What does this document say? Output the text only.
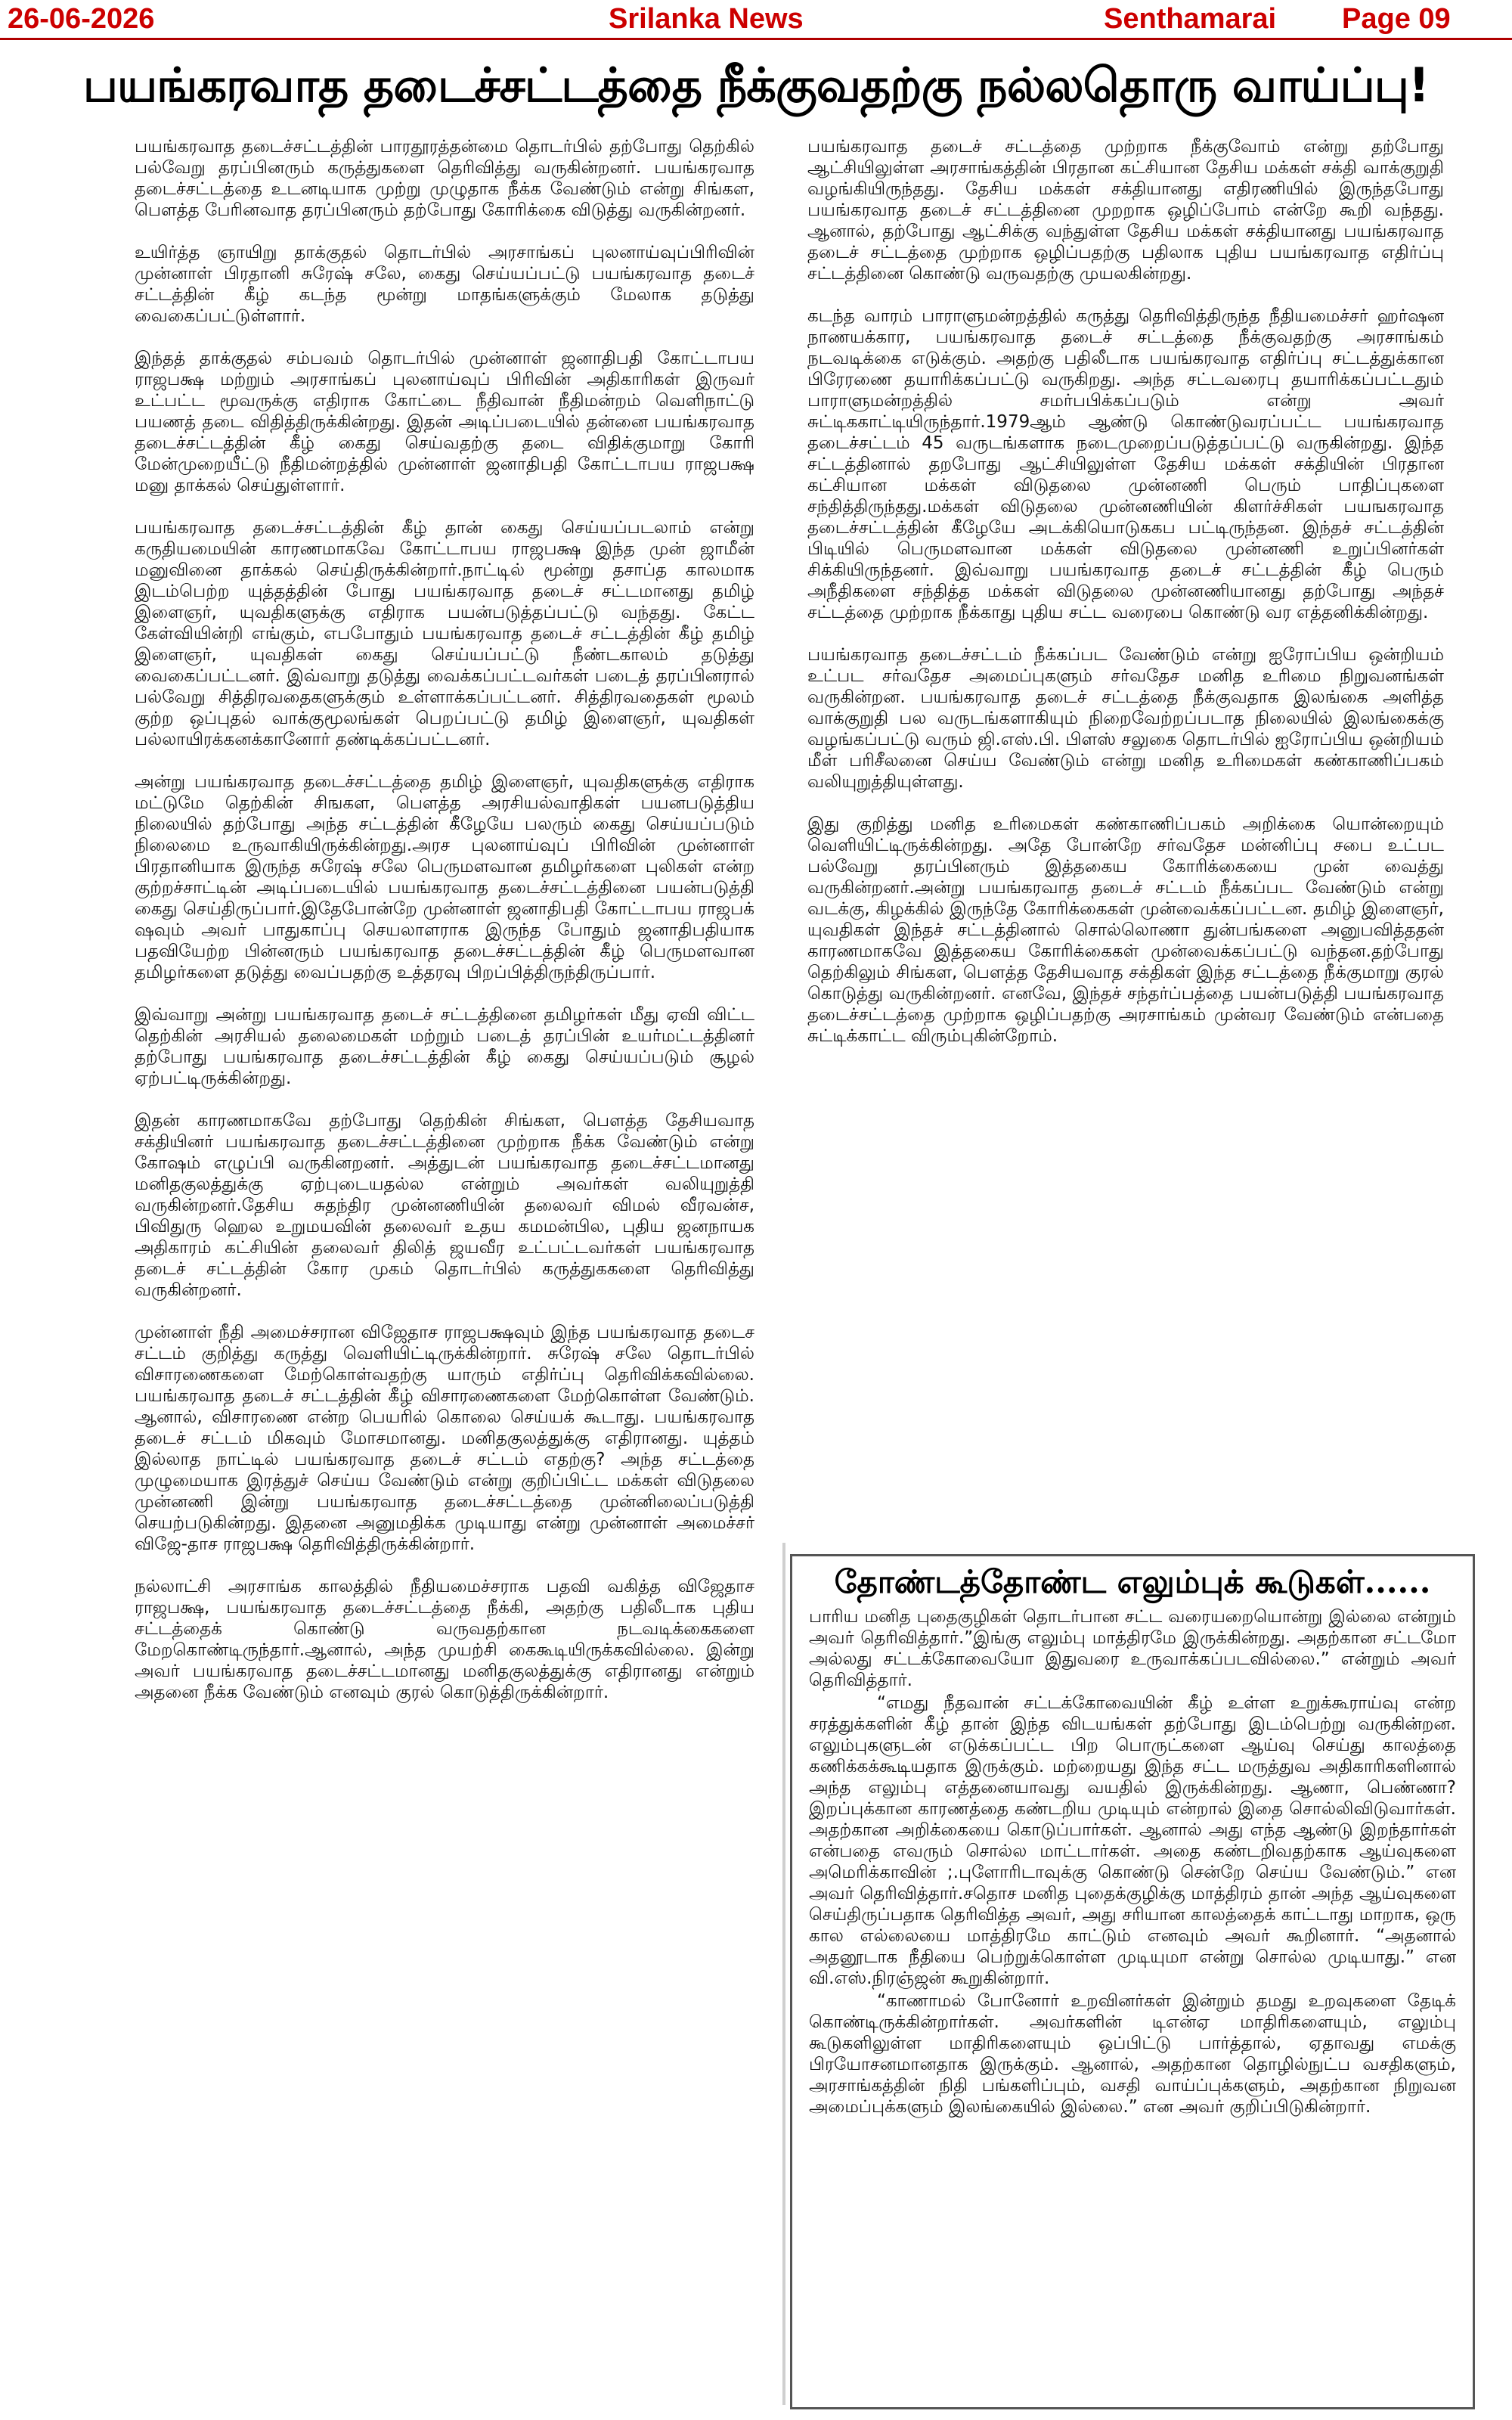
26-06-2026	Srilanka News	Senthamarai Page 09
பயங்கரவாத தடைச்சட்டத்தை நீக்குவதற்கு நல்லதொரு வாய்ப்பு!

பயங்கரவாத தடைச்சட்டத்தின் பாரதூரத்தன்மை தொடர்பில் தற்போது தெற்கில் பல்வேறு தரப்பினரும் கருத்துகளை தெரிவித்து வருகின்றனர். பயங்கரவாத தடைச்சட்டத்தை உடனடியாக முற்று முழுதாக நீக்க வேண்டும் என்று சிங்கள, பௌத்த பேரினவாத தரப்பினரும் தற்போது கோரிக்கை விடுத்து வருகின்றனர்.

உயிர்த்த ஞாயிறு தாக்குதல் தொடர்பில் அரசாங்கப் புலனாய்வுப்பிரிவின் முன்னாள் பிரதானி சுரேஷ் சலே, கைது செய்யப்பட்டு பயங்கரவாத தடைச் சட்டத்தின் கீழ் கடந்த மூன்று மாதங்களுக்கும் மேலாக தடுத்து வைகைப்பட்டுள்ளார்.

இந்தத் தாக்குதல் சம்பவம் தொடர்பில் முன்னாள் ஜனாதிபதி கோட்டாபய ராஜபக்ஷ மற்றும் அரசாங்கப் புலனாய்வுப் பிரிவின் அதிகாரிகள் இருவர் உட்பட்ட மூவருக்கு எதிராக கோட்டை நீதிவான் நீதிமன்றம் வெளிநாட்டு பயணத் தடை விதித்திருக்கின்றது. இதன் அடிப்படையில் தன்னை பயங்கரவாத தடைச்சட்டத்தின் கீழ் கைது செய்வதற்கு தடை விதிக்குமாறு கோரி மேன்முறையீட்டு நீதிமன்றத்தில் முன்னாள் ஜனாதிபதி கோட்டாபய ராஜபக்ஷ மனு தாக்கல் செய்துள்ளார்.

பயங்கரவாத தடைச்சட்டத்தின் கீழ் தான் கைது செய்யப்படலாம் என்று கருதியமையின் காரணமாகவே கோட்டாபய ராஜபக்ஷ இந்த முன் ஜாமீன் மனுவினை தாக்கல் செய்திருக்கின்றார்.நாட்டில் மூன்று தசாப்த காலமாக இடம்பெற்ற யுத்தத்தின் போது பயங்கரவாத தடைச் சட்டமானது தமிழ் இளைஞர், யுவதிகளுக்கு எதிராக பயன்படுத்தப்பட்டு வந்தது. கேட்ட கேள்வியின்றி எங்கும், எபபோதும் பயங்கரவாத தடைச் சட்டத்தின் கீழ் தமிழ் இளைஞர், யுவதிகள் கைது செய்யப்பட்டு நீண்டகாலம் தடுத்து வைகைப்பட்டனர். இவ்வாறு தடுத்து வைக்கப்பட்டவர்கள் படைத் தரப்பினரால் பல்வேறு சித்திரவதைகளுக்கும் உள்ளாக்கப்பட்டனர். சித்திரவதைகள் மூலம் குற்ற ஒப்புதல் வாக்குமூலங்கள் பெறப்பட்டு தமிழ் இளைஞர், யுவதிகள் பல்லாயிரக்கனக்கானோர் தண்டிக்கப்பட்டனர்.

அன்று பயங்கரவாத தடைச்சட்டத்தை தமிழ் இளைஞர், யுவதிகளுக்கு எதிராக மட்டுமே தெற்கின் சிஙகள, பௌத்த அரசியல்வாதிகள் பயனபடுத்திய நிலையில் தற்போது அந்த சட்டத்தின் கீழேயே பலரும் கைது செய்யப்படும் நிலைமை உருவாகியிருக்கின்றது.அரச புலனாய்வுப் பிரிவின் முன்னாள் பிரதானியாக இருந்த சுரேஷ் சலே பெருமளவான தமிழர்களை புலிகள் என்ற குற்றச்சாட்டின் அடிப்படையில் பயங்கரவாத தடைச்சட்டத்தினை பயன்படுத்தி கைது செய்திருப்பார்.இதேபோன்றே முன்னாள் ஜனாதிபதி கோட்டாபய ராஜபக் ஷவும் அவர் பாதுகாப்பு செயலாளராக இருந்த போதும் ஜனாதிபதியாக பதவியேற்ற பின்னரும் பயங்கரவாத தடைச்சட்டத்தின் கீழ் பெருமளவான தமிழர்களை தடுத்து வைப்பதற்கு உத்தரவு பிறப்பித்திருந்திருப்பார்.

இவ்வாறு அன்று பயங்கரவாத தடைச் சட்டத்தினை தமிழர்கள் மீது ஏவி விட்ட தெற்கின் அரசியல் தலைமைகள் மற்றும் படைத் தரப்பின் உயர்மட்டத்தினர் தற்போது பயங்கரவாத தடைச்சட்டத்தின் கீழ் கைது செய்யப்படும் சூழல் ஏற்பட்டிருக்கின்றது.

இதன் காரணமாகவே தற்போது தெற்கின் சிங்கள, பௌத்த தேசியவாத சக்தியினர் பயங்கரவாத தடைச்சட்டத்தினை முற்றாக நீக்க வேண்டும் என்று கோஷம் எழுப்பி வருகினறனர். அத்துடன் பயங்கரவாத தடைச்சட்டமானது மனிதகுலத்துக்கு ஏற்புடையதல்ல என்றும் அவர்கள் வலியுறுத்தி வருகின்றனர்.தேசிய சுதந்திர முன்னணியின் தலைவர் விமல் வீரவன்ச, பிவிதுரு ஹெல உறுமயவின் தலைவர் உதய கமமன்பில, புதிய ஜனநாயக அதிகாரம் கட்சியின் தலைவர் திலித் ஜயவீர உட்பட்டவர்கள் பயங்கரவாத தடைச் சட்டத்தின் கோர முகம் தொடர்பில் கருத்துககளை தெரிவித்து வருகின்றனர்.

முன்னாள் நீதி அமைச்சரான விஜேதாச ராஜபக்ஷவும் இந்த பயங்கரவாத தடைச சட்டம் குறித்து கருத்து வெளியிட்டிருக்கின்றார். சுரேஷ் சலே தொடர்பில் விசாரணைகளை மேற்கொள்வதற்கு யாரும் எதிர்ப்பு தெரிவிக்கவில்லை. பயங்கரவாத தடைச் சட்டத்தின் கீழ் விசாரணைகளை மேற்கொள்ள வேண்டும். ஆனால், விசாரணை என்ற பெயரில் கொலை செய்யக் கூடாது. பயங்கரவாத தடைச் சட்டம் மிகவும் மோசமானது. மனிதகுலத்துக்கு எதிரானது. யுத்தம் இல்லாத நாட்டில் பயங்கரவாத தடைச் சட்டம் எதற்கு? அந்த சட்டத்தை முழுமையாக இரத்துச் செய்ய வேண்டும் என்று குறிப்பிட்ட மக்கள் விடுதலை முன்னணி இன்று பயங்கரவாத தடைச்சட்டத்தை முன்னிலைப்படுத்தி செயற்படுகின்றது. இதனை அனுமதிக்க முடியாது என்று முன்னாள் அமைச்சர் விஜே-தாச ராஜபக்ஷ தெரிவித்திருக்கின்றார்.

நல்லாட்சி அரசாங்க காலத்தில் நீதியமைச்சராக பதவி வகித்த விஜேதாச ராஜபக்ஷ, பயங்கரவாத தடைச்சட்டத்தை நீக்கி, அதற்கு பதிலீடாக புதிய சட்டத்தைக் கொண்டு வருவதற்கான நடவடிக்கைகளை மேறகொண்டிருந்தார்.ஆனால், அந்த முயற்சி கைகூடியிருக்கவில்லை. இன்று அவர் பயங்கரவாத தடைச்சட்டமானது மனிதகுலத்துக்கு எதிரானது என்றும் அதனை நீக்க வேண்டும் எனவும் குரல் கொடுத்திருக்கின்றார்.

பயங்கரவாத தடைச் சட்டத்தை முற்றாக நீக்குவோம் என்று தற்போது ஆட்சியிலுள்ள அரசாங்கத்தின் பிரதான கட்சியான தேசிய மக்கள் சக்தி வாக்குறுதி வழங்கியிருந்தது. தேசிய மக்கள் சக்தியானது எதிரணியில் இருந்தபோது பயங்கரவாத தடைச் சட்டத்தினை முறறாக ஒழிப்போம் என்றே கூறி வந்தது. ஆனால், தற்போது ஆட்சிக்கு வந்துள்ள தேசிய மக்கள் சக்தியானது பயங்கரவாத தடைச் சட்டத்தை முற்றாக ஒழிப்பதற்கு பதிலாக புதிய பயங்கரவாத எதிர்ப்பு சட்டத்தினை கொண்டு வருவதற்கு முயலகின்றது.

கடந்த வாரம் பாராளுமன்றத்தில் கருத்து தெரிவித்திருந்த நீதியமைச்சர் ஹர்ஷன நாணயக்கார, பயங்கரவாத தடைச் சட்டத்தை நீக்குவதற்கு அரசாங்கம் நடவடிக்கை எடுக்கும். அதற்கு பதிலீடாக பயங்கரவாத எதிர்ப்பு சட்டத்துக்கான பிரேரணை தயாரிக்கப்பட்டு வருகிறது. அந்த சட்டவரைபு தயாரிக்கப்பட்டதும் பாராளுமன்றத்தில் சமர்பபிக்கப்படும் என்று அவர் சுட்டிககாட்டியிருந்தார்.1979ஆம் ஆண்டு கொண்டுவரப்பட்ட பயங்கரவாத தடைச்சட்டம் 45 வருடங்களாக நடைமுறைப்படுத்தப்பட்டு வருகின்றது. இந்த சட்டத்தினால் தறபோது ஆட்சியிலுள்ள தேசிய மக்கள் சக்தியின் பிரதான கட்சியான மக்கள் விடுதலை முன்னணி பெரும் பாதிப்புகளை சந்தித்திருந்தது.மக்கள் விடுதலை முன்னணியின் கிளர்ச்சிகள் பயஙகரவாத தடைச்சட்டத்தின் கீழேயே அடக்கியொடுககப பட்டிருந்தன. இந்தச் சட்டத்தின் பிடியில் பெருமளவான மக்கள் விடுதலை முன்னணி உறுப்பினர்கள் சிக்கியிருந்தனர். இவ்வாறு பயங்கரவாத தடைச் சட்டத்தின் கீழ் பெரும் அநீதிகளை சந்தித்த மக்கள் விடுதலை முன்னணியானது தற்போது அந்தச் சட்டத்தை முற்றாக நீக்காது புதிய சட்ட வரைபை கொண்டு வர எத்தனிக்கின்றது.

பயங்கரவாத தடைச்சட்டம் நீக்கப்பட வேண்டும் என்று ஐரோப்பிய ஒன்றியம் உட்பட சர்வதேச அமைப்புகளும் சர்வதேச மனித உரிமை நிறுவனங்கள் வருகின்றன. பயங்கரவாத தடைச் சட்டத்தை நீக்குவதாக இலங்கை அளித்த வாக்குறுதி பல வருடங்களாகியும் நிறைவேற்றப்படாத நிலையில் இலங்கைக்கு வழங்கப்பட்டு வரும் ஜி.எஸ்.பி. பிளஸ் சலுகை தொடர்பில் ஐரோப்பிய ஒன்றியம் மீள் பரிசீலனை செய்ய வேண்டும் என்று மனித உரிமைகள் கண்காணிப்பகம் வலியுறுத்தியுள்ளது.

இது குறித்து மனித உரிமைகள் கண்காணிப்பகம் அறிக்கை யொன்றையும் வெளியிட்டிருக்கின்றது. அதே போன்றே சர்வதேச மன்னிப்பு சபை உட்பட பல்வேறு தரப்பினரும் இத்தகைய கோரிக்கையை முன் வைத்து வருகின்றனர்.அன்று பயங்கரவாத தடைச் சட்டம் நீக்கப்பட வேண்டும் என்று வடக்கு, கிழக்கில் இருந்தே கோரிக்கைகள் முன்வைக்கப்பட்டன. தமிழ் இளைஞர், யுவதிகள் இந்தச் சட்டத்தினால் சொல்லொணா துன்பங்களை அனுபவித்ததன் காரணமாகவே இத்தகைய கோரிக்கைகள் முன்வைக்கப்பட்டு வந்தன.தற்போது தெற்கிலும் சிங்கள, பௌத்த தேசியவாத சக்திகள் இந்த சட்டத்தை நீக்குமாறு குரல் கொடுத்து வருகின்றனர். எனவே, இந்தச் சந்தர்ப்பத்தை பயன்படுத்தி பயங்கரவாத தடைச்சட்டத்தை முற்றாக ஒழிப்பதற்கு அரசாங்கம் முன்வர வேண்டும் என்பதை சுட்டிக்காட்ட விரும்புகின்றோம்.

தோண்டத்தோண்ட எலும்புக் கூடுகள்......

பாரிய மனித புதைகுழிகள் தொடர்பான சட்ட வரையறையொன்று இல்லை என்றும் அவர் தெரிவித்தார்.”இங்கு எலும்பு மாத்திரமே இருக்கின்றது. அதற்கான சட்டமோ அல்லது சட்டக்கோவையோ இதுவரை உருவாக்கப்படவில்லை.” என்றும் அவர் தெரிவித்தார்.

“எமது நீதவான் சட்டக்கோவையின் கீழ் உள்ள உறுக்கூராய்வு என்ற சரத்துக்களின் கீழ் தான் இந்த விடயங்கள் தற்போது இடம்பெற்று வருகின்றன. எலும்புகளுடன் எடுக்கப்பட்ட பிற பொருட்களை ஆய்வு செய்து காலத்தை கணிக்கக்கூடியதாக இருக்கும். மற்றையது இந்த சட்ட மருத்துவ அதிகாரிகளினால் அந்த எலும்பு எத்தனையாவது வயதில் இருக்கின்றது. ஆணா, பெண்ணா? இறப்புக்கான காரணத்தை கண்டறிய முடியும் என்றால் இதை சொல்லிவிடுவார்கள். அதற்கான அறிக்கையை கொடுப்பார்கள். ஆனால் அது எந்த ஆண்டு இறந்தார்கள் என்பதை எவரும் சொல்ல மாட்டார்கள். அதை கண்டறிவதற்காக ஆய்வுகளை அமெரிக்காவின் ;.புளோரிடாவுக்கு கொண்டு சென்றே செய்ய வேண்டும்.” என அவர் தெரிவித்தார்.சதொச மனித புதைக்குழிக்கு மாத்திரம் தான் அந்த ஆய்வுகளை செய்திருப்பதாக தெரிவித்த அவர், அது சரியான காலத்தைக் காட்டாது மாறாக, ஒரு கால எல்லையை மாத்திரமே காட்டும் எனவும் அவர் கூறினார். “அதனால் அதனூடாக நீதியை பெற்றுக்கொள்ள முடியுமா என்று சொல்ல முடியாது.” என வி.எஸ்.நிரஞ்ஜன் கூறுகின்றார்.

“காணாமல் போனோர் உறவினர்கள் இன்றும் தமது உறவுகளை தேடிக் கொண்டிருக்கின்றார்கள். அவர்களின் டிஎன்ஏ மாதிரிகளையும், எலும்பு கூடுகளிலுள்ள மாதிரிகளையும் ஒப்பிட்டு பார்த்தால், ஏதாவது எமக்கு பிரயோசனமானதாக இருக்கும். ஆனால், அதற்கான தொழில்நுட்ப வசதிகளும், அரசாங்கத்தின் நிதி பங்களிப்பும், வசதி வாய்ப்புக்களும், அதற்கான நிறுவன அமைப்புக்களும் இலங்கையில் இல்லை.” என அவர் குறிப்பிடுகின்றார்.
